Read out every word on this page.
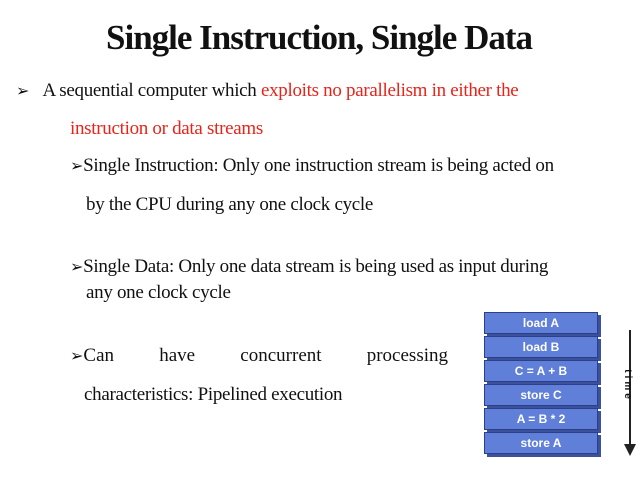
Single Instruction, Single Data
➢ A sequential computer which exploits no parallelism in either the
instruction or data streams
➢Single Instruction: Only one instruction stream is being acted on
by the CPU during any one clock cycle
➢Single Data: Only one data stream is being used as input during
any one clock cycle
➢Can have concurrent processing
characteristics: Pipelined execution
load A
load B
C = A + B
store C
A = B * 2
store A
time
